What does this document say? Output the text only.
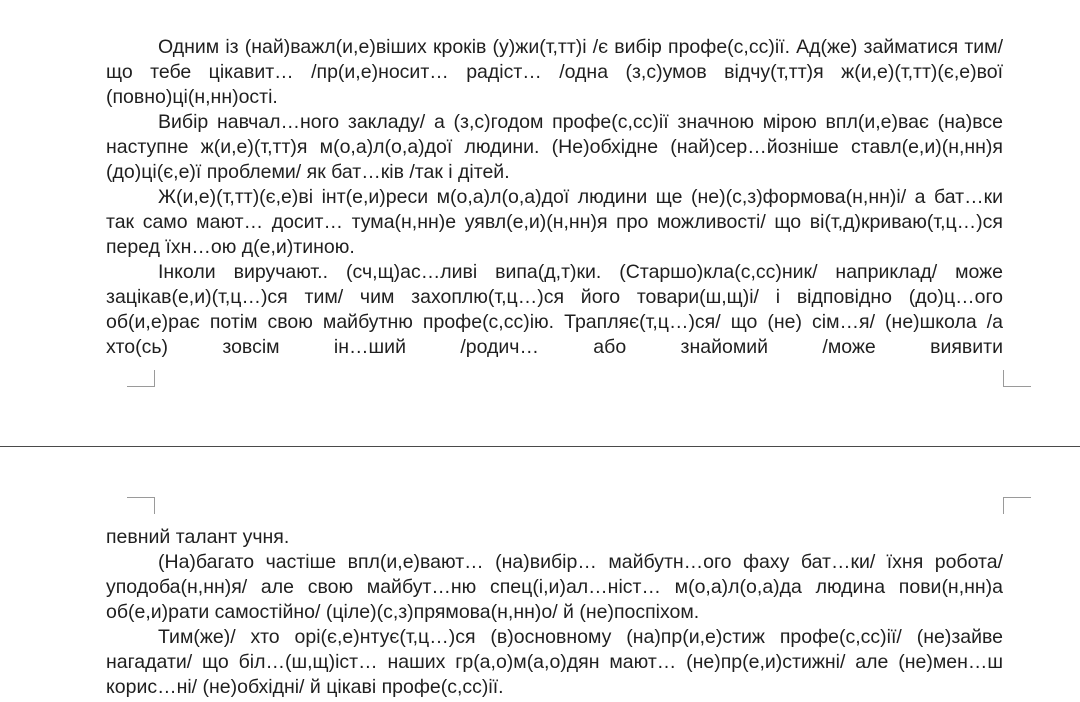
Одним із (най)важл(и,е)віших кроків (у)жи(т,тт)і /є вибір профе(с,сс)ії. Ад(же) займатися тим/ що тебе цікавит… /пр(и,е)носит… радіст… /одна (з,с)умов відчу(т,тт)я ж(и,е)(т,тт)(є,е)вої (повно)ці(н,нн)ості.

Вибір навчал…ного закладу/ а (з,с)годом профе(с,сс)ії значною мірою впл(и,е)ває (на)все наступне ж(и,е)(т,тт)я м(о,а)л(о,а)дої людини. (Не)обхідне (най)сер…йозніше ставл(е,и)(н,нн)я (до)ці(є,е)ї проблеми/ як бат…ків /так і дітей.

Ж(и,е)(т,тт)(є,е)ві інт(е,и)реси м(о,а)л(о,а)дої людини ще (не)(с,з)формова(н,нн)і/ а бат…ки так само мают… досит… тума(н,нн)е уявл(е,и)(н,нн)я про можливості/ що ві(т,д)криваю(т,ц…)ся перед їхн…ою д(е,и)тиною.

Інколи виручают.. (сч,щ)ас…ливі випа(д,т)ки. (Старшо)кла(с,сс)ник/ наприклад/ може зацікав(е,и)(т,ц…)ся тим/ чим захоплю(т,ц…)ся його товари(ш,щ)і/ і відповідно (до)ц…ого об(и,е)рає потім свою майбутню профе(с,сс)ію. Трапляє(т,ц…)ся/ що (не) сім…я/ (не)школа /а хто(сь) зовсім ін…ший /родич… або знайомий /може виявити

певний талант учня.

(На)багато частіше впл(и,е)вают… (на)вибір… майбутн…ого фаху бат…ки/ їхня робота/ уподоба(н,нн)я/ але свою майбут…ню спец(і,и)ал…ніст… м(о,а)л(о,а)да людина пови(н,нн)а об(е,и)рати самостійно/ (ціле)(с,з)прямова(н,нн)о/ й (не)поспіхом.

Тим(же)/ хто орі(є,е)нтує(т,ц…)ся (в)основному (на)пр(и,е)стиж профе(с,сс)ії/ (не)зайве нагадати/ що біл…(ш,щ)іст… наших гр(а,о)м(а,о)дян мают… (не)пр(е,и)стижні/ але (не)мен…ш корис…ні/ (не)обхідні/ й цікаві профе(с,сс)ії.
